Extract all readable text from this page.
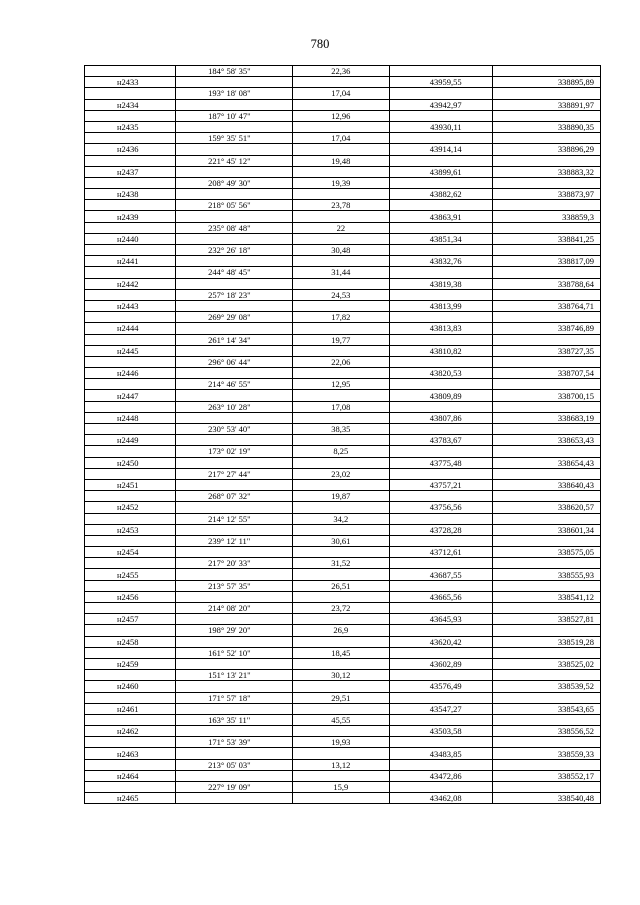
780
	184° 58' 35"	22,36		
н2433			43959,55	338895,89
	193° 18' 08"	17,04		
н2434			43942,97	338891,97
	187° 10' 47"	12,96		
н2435			43930,11	338890,35
	159° 35' 51"	17,04		
н2436			43914,14	338896,29
	221° 45' 12"	19,48		
н2437			43899,61	338883,32
	208° 49' 30"	19,39		
н2438			43882,62	338873,97
	218° 05' 56"	23,78		
н2439			43863,91	338859,3
	235° 08' 48"	22		
н2440			43851,34	338841,25
	232° 26' 18"	30,48		
н2441			43832,76	338817,09
	244° 48' 45"	31,44		
н2442			43819,38	338788,64
	257° 18' 23"	24,53		
н2443			43813,99	338764,71
	269° 29' 08"	17,82		
н2444			43813,83	338746,89
	261° 14' 34"	19,77		
н2445			43810,82	338727,35
	296° 06' 44"	22,06		
н2446			43820,53	338707,54
	214° 46' 55"	12,95		
н2447			43809,89	338700,15
	263° 10' 28"	17,08		
н2448			43807,86	338683,19
	230° 53' 40"	38,35		
н2449			43783,67	338653,43
	173° 02' 19"	8,25		
н2450			43775,48	338654,43
	217° 27' 44"	23,02		
н2451			43757,21	338640,43
	268° 07' 32"	19,87		
н2452			43756,56	338620,57
	214° 12' 55"	34,2		
н2453			43728,28	338601,34
	239° 12' 11"	30,61		
н2454			43712,61	338575,05
	217° 20' 33"	31,52		
н2455			43687,55	338555,93
	213° 57' 35"	26,51		
н2456			43665,56	338541,12
	214° 08' 20"	23,72		
н2457			43645,93	338527,81
	198° 29' 20"	26,9		
н2458			43620,42	338519,28
	161° 52' 10"	18,45		
н2459			43602,89	338525,02
	151° 13' 21"	30,12		
н2460			43576,49	338539,52
	171° 57' 18"	29,51		
н2461			43547,27	338543,65
	163° 35' 11"	45,55		
н2462			43503,58	338556,52
	171° 53' 39"	19,93		
н2463			43483,85	338559,33
	213° 05' 03"	13,12		
н2464			43472,86	338552,17
	227° 19' 09"	15,9		
н2465			43462,08	338540,48
